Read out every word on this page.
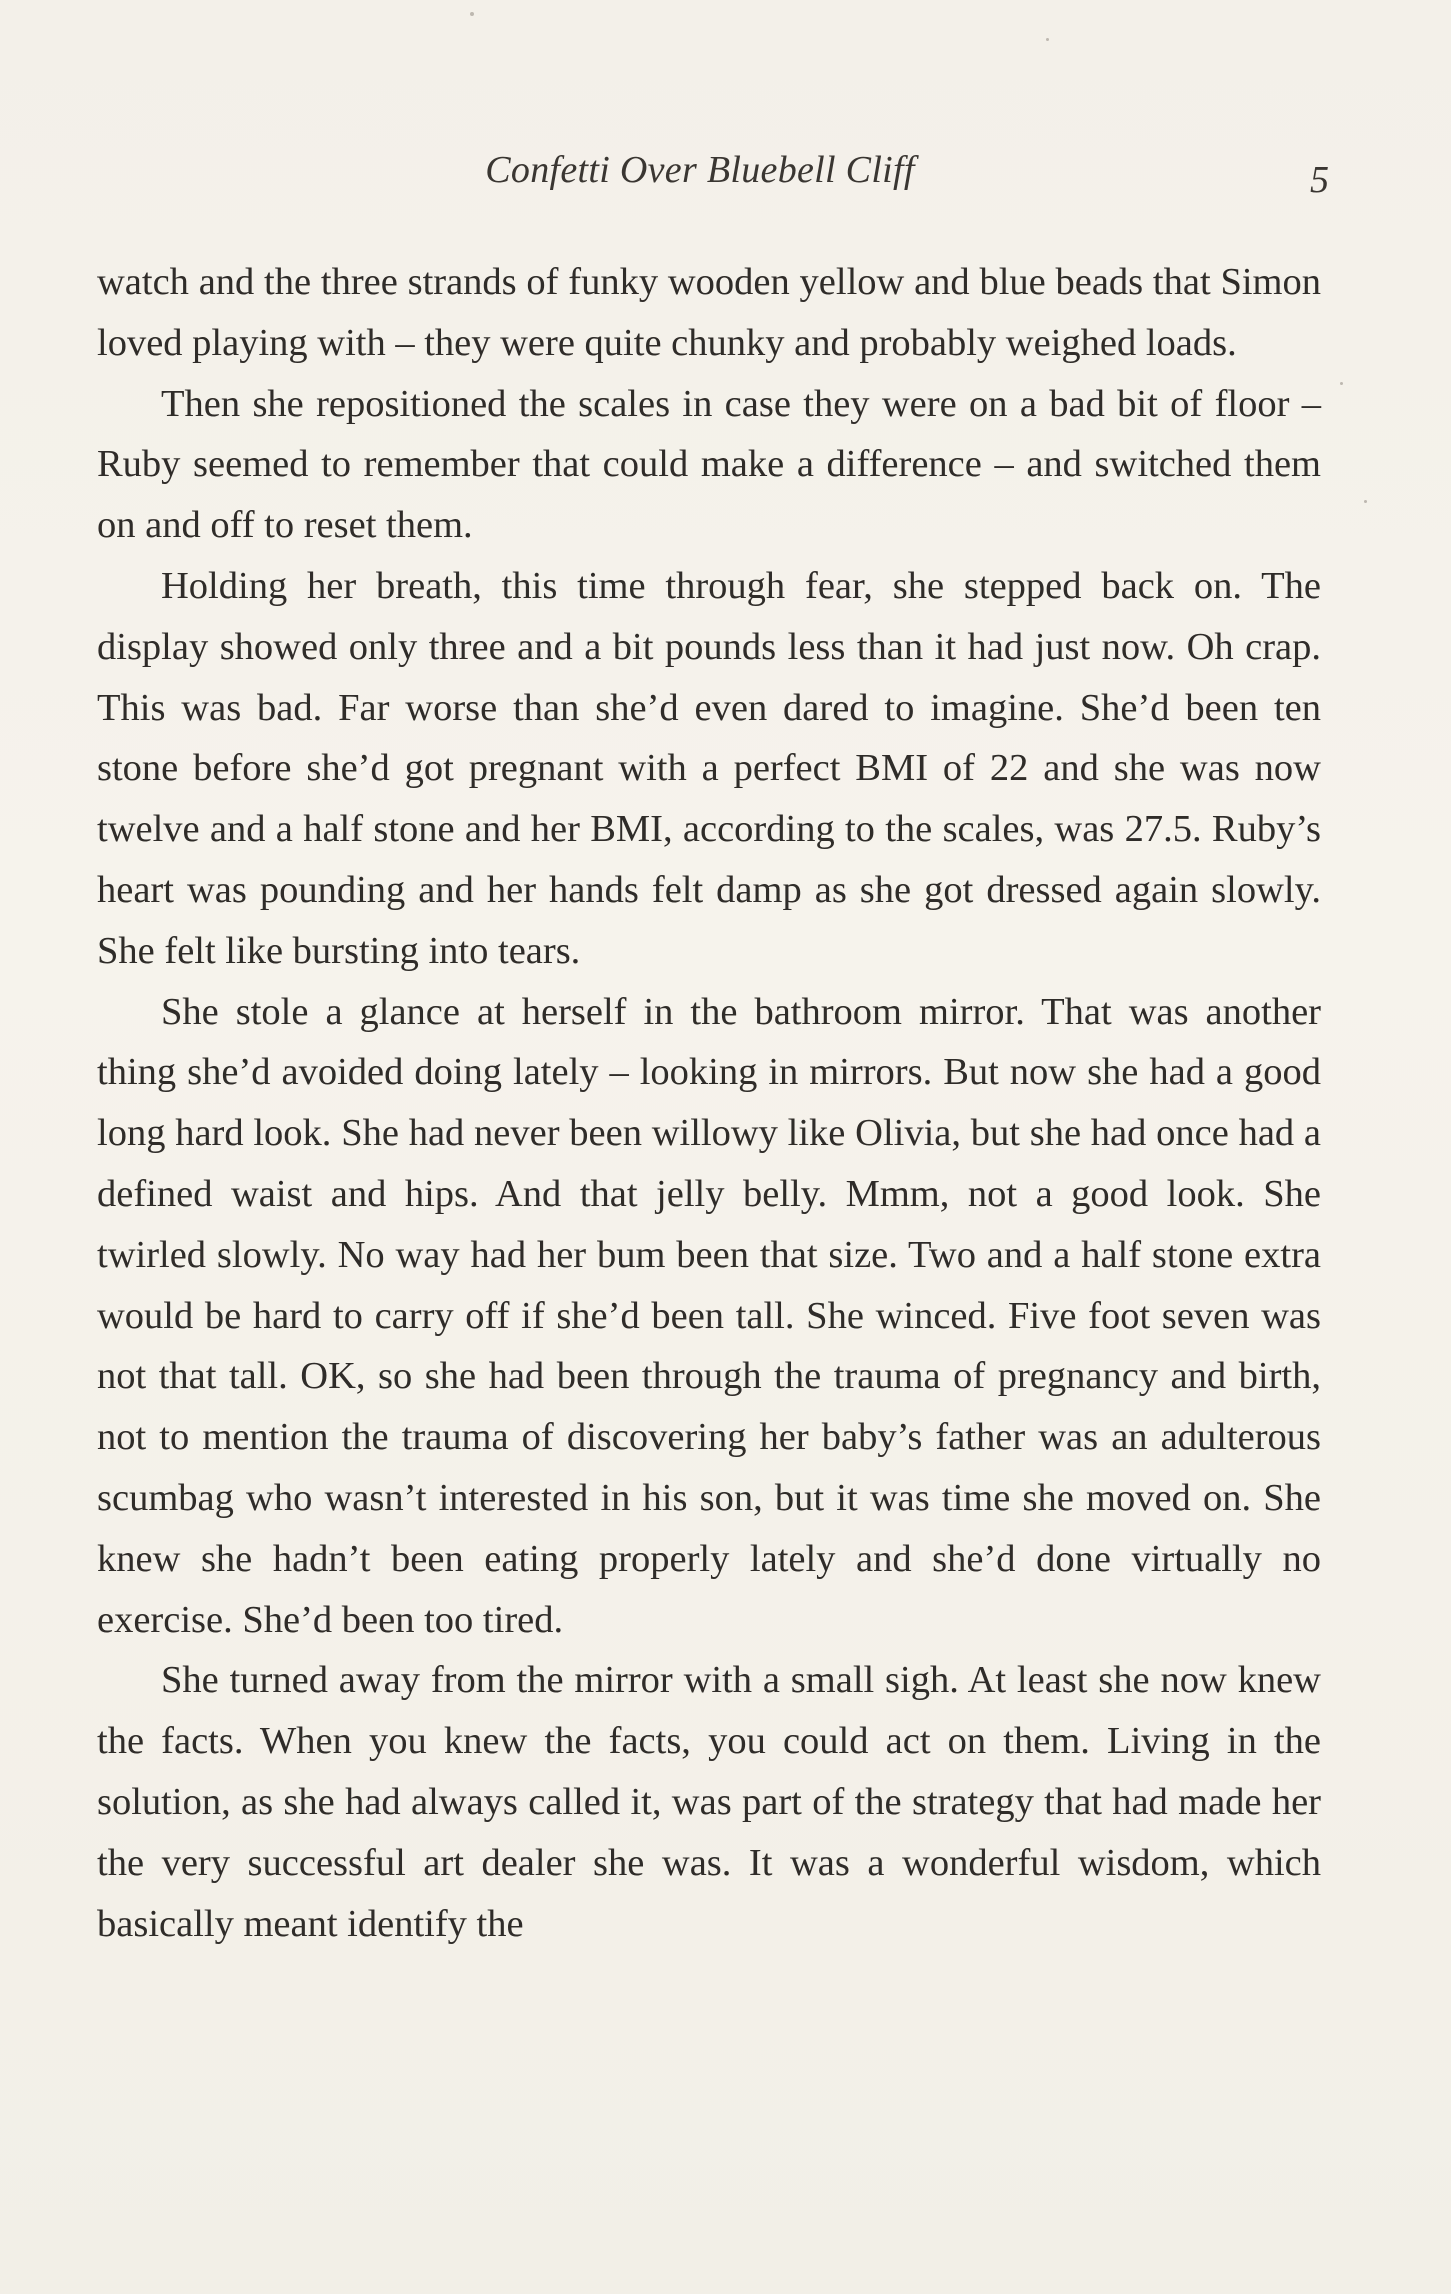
Confetti Over Bluebell Cliff	5

watch and the three strands of funky wooden yellow and blue beads that Simon loved playing with – they were quite chunky and probably weighed loads.

Then she repositioned the scales in case they were on a bad bit of floor – Ruby seemed to remember that could make a difference – and switched them on and off to reset them.

Holding her breath, this time through fear, she stepped back on. The display showed only three and a bit pounds less than it had just now. Oh crap. This was bad. Far worse than she’d even dared to imagine. She’d been ten stone before she’d got pregnant with a perfect BMI of 22 and she was now twelve and a half stone and her BMI, according to the scales, was 27.5. Ruby’s heart was pounding and her hands felt damp as she got dressed again slowly. She felt like bursting into tears.

She stole a glance at herself in the bathroom mirror. That was another thing she’d avoided doing lately – looking in mirrors. But now she had a good long hard look. She had never been willowy like Olivia, but she had once had a defined waist and hips. And that jelly belly. Mmm, not a good look. She twirled slowly. No way had her bum been that size. Two and a half stone extra would be hard to carry off if she’d been tall. She winced. Five foot seven was not that tall. OK, so she had been through the trauma of pregnancy and birth, not to mention the trauma of discovering her baby’s father was an adulterous scumbag who wasn’t interested in his son, but it was time she moved on. She knew she hadn’t been eating properly lately and she’d done virtually no exercise. She’d been too tired.

She turned away from the mirror with a small sigh. At least she now knew the facts. When you knew the facts, you could act on them. Living in the solution, as she had always called it, was part of the strategy that had made her the very successful art dealer she was. It was a wonderful wisdom, which basically meant identify the
